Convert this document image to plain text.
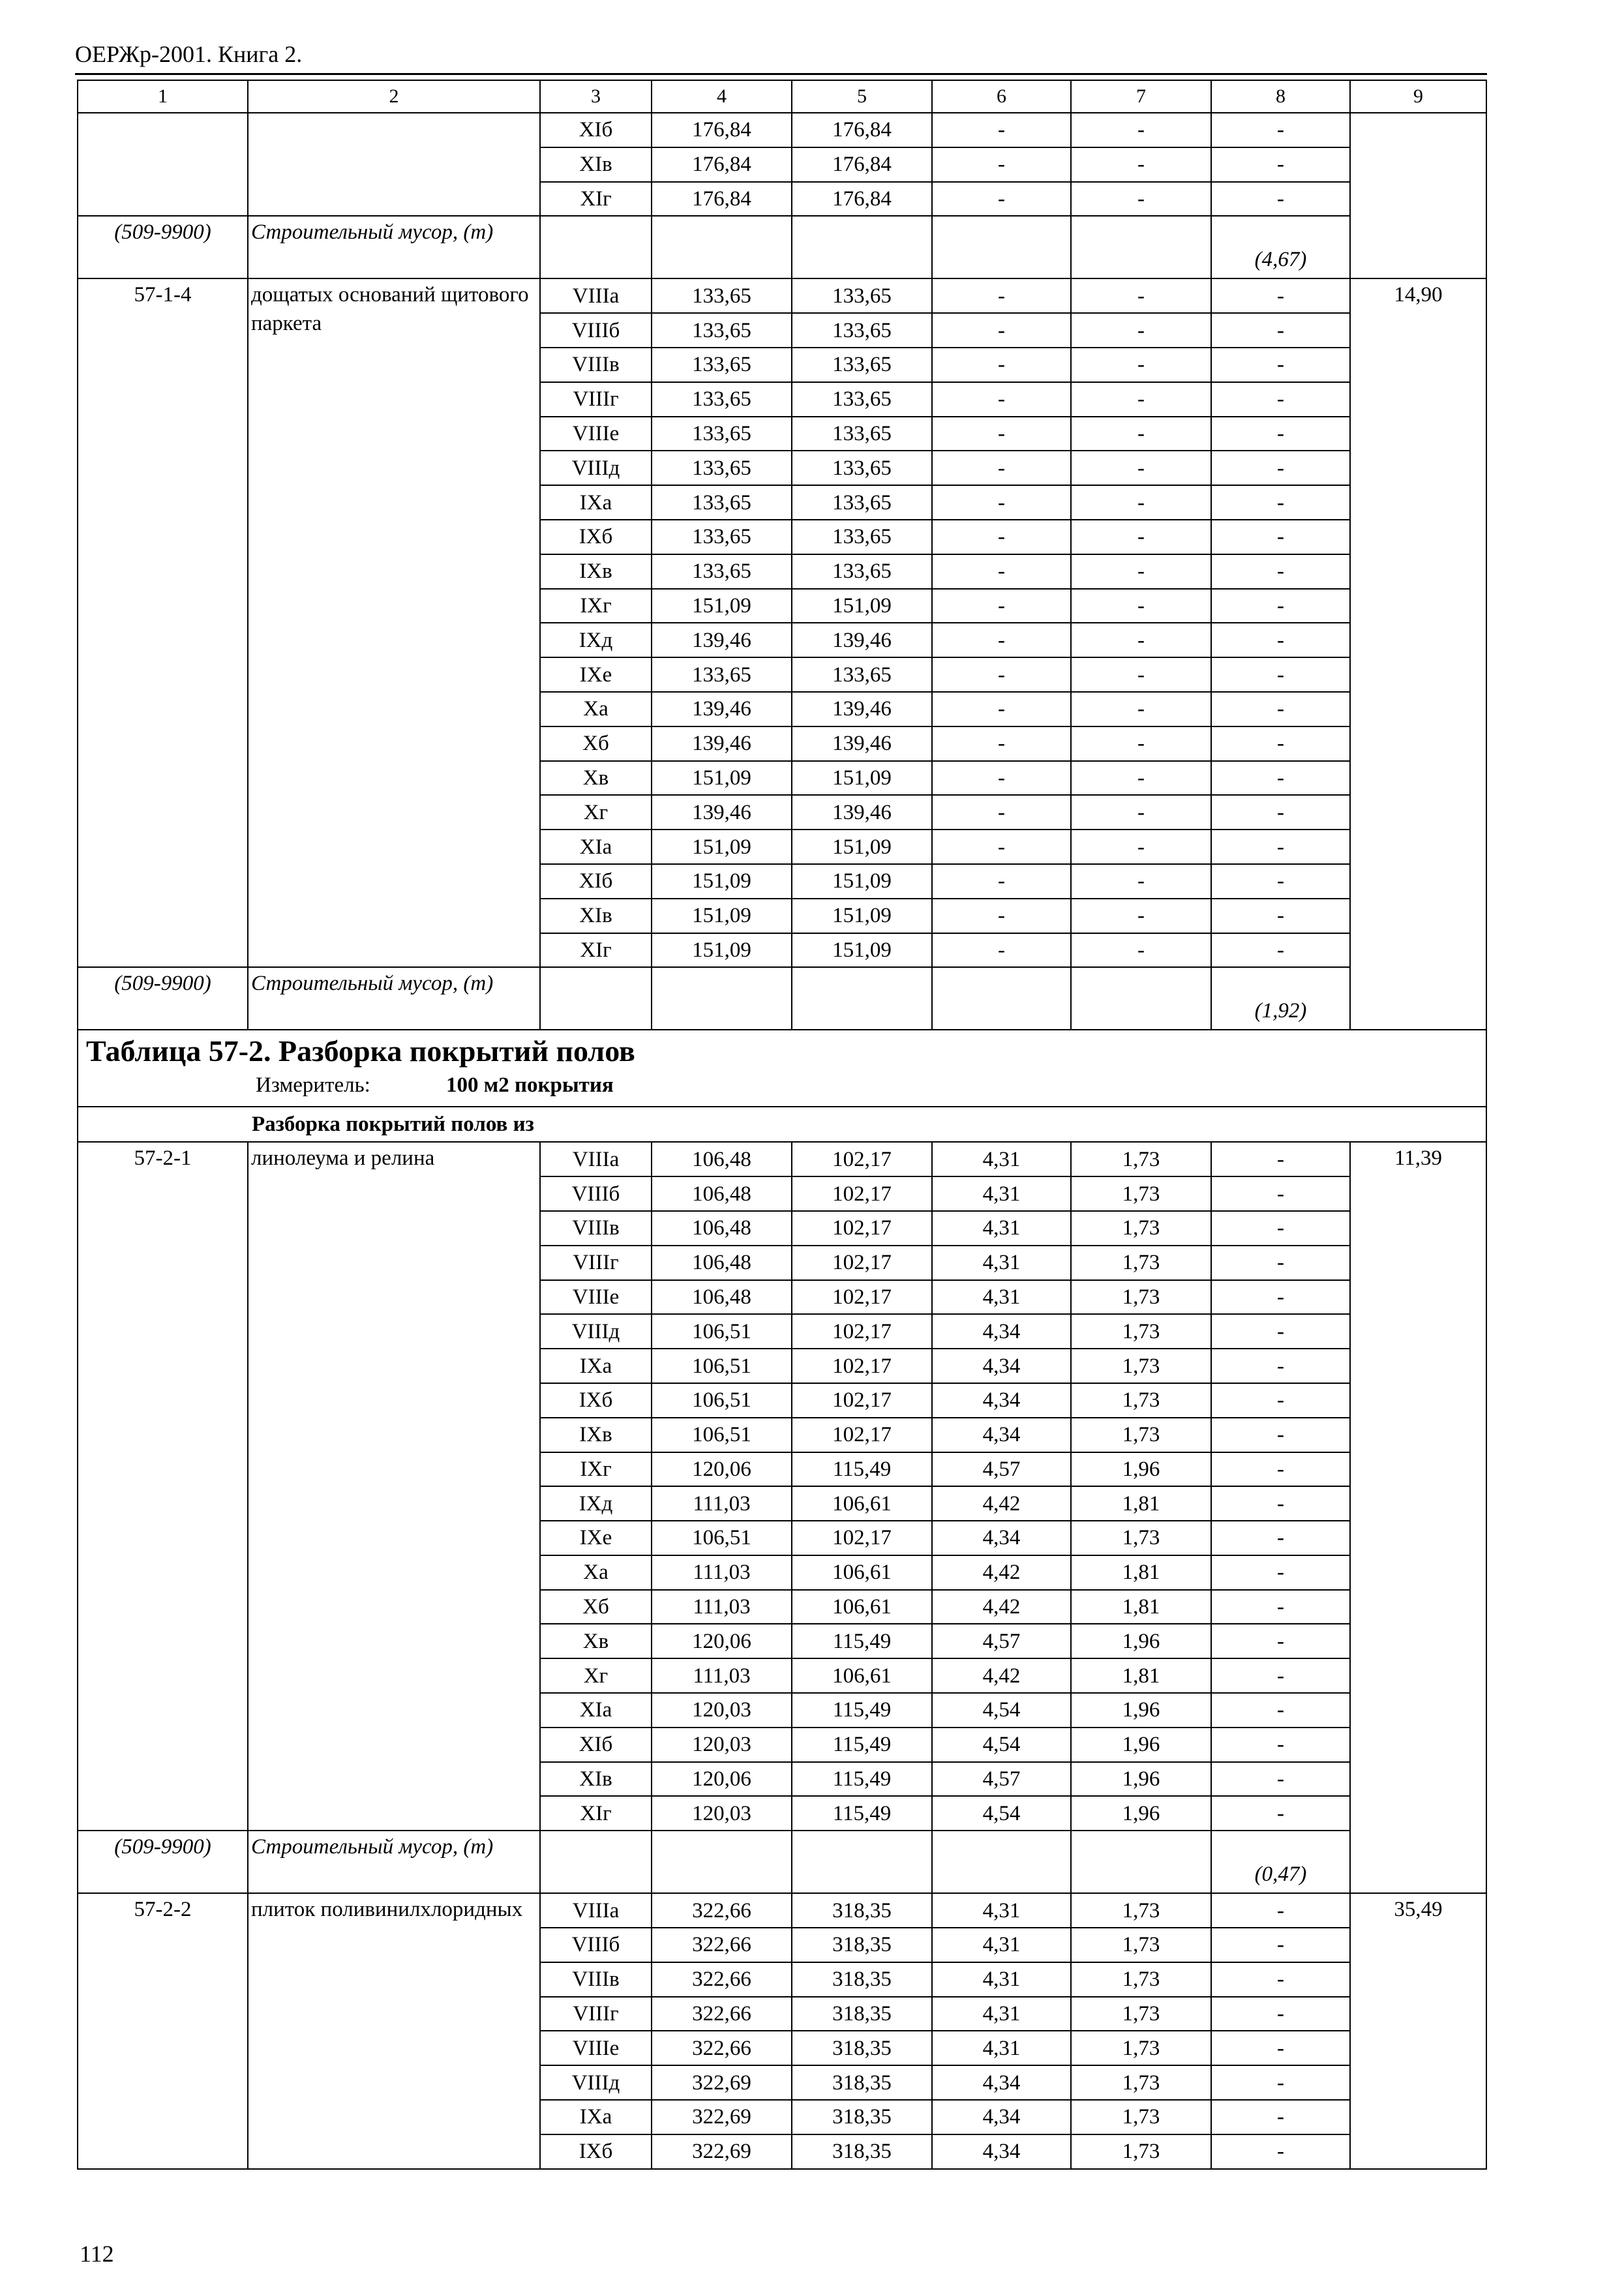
ОЕРЖр-2001. Книга 2.
1	2	3	4	5	6	7	8	9
		XIб	176,84	176,84	-	-	-	
		XIв	176,84	176,84	-	-	-	
		XIг	176,84	176,84	-	-	-	
(509-9900)	Строительный мусор, (т)						(4,67)	
57-1-4	дощатых оснований щитового паркета	VIIIа	133,65	133,65	-	-	-	14,90
		VIIIб	133,65	133,65	-	-	-	
		VIIIв	133,65	133,65	-	-	-	
		VIIIг	133,65	133,65	-	-	-	
		VIIIе	133,65	133,65	-	-	-	
		VIIIд	133,65	133,65	-	-	-	
		IXа	133,65	133,65	-	-	-	
		IXб	133,65	133,65	-	-	-	
		IXв	133,65	133,65	-	-	-	
		IXг	151,09	151,09	-	-	-	
		IXд	139,46	139,46	-	-	-	
		IXе	133,65	133,65	-	-	-	
		Xа	139,46	139,46	-	-	-	
		Xб	139,46	139,46	-	-	-	
		Xв	151,09	151,09	-	-	-	
		Xг	139,46	139,46	-	-	-	
		XIа	151,09	151,09	-	-	-	
		XIб	151,09	151,09	-	-	-	
		XIв	151,09	151,09	-	-	-	
		XIг	151,09	151,09	-	-	-	
(509-9900)	Строительный мусор, (т)						(1,92)	

Таблица 57-2. Разборка покрытий полов
Измеритель: 100 м2 покрытия								

Разборка покрытий полов из								
57-2-1	линолеума и релина	VIIIа	106,48	102,17	4,31	1,73	-	11,39
		VIIIб	106,48	102,17	4,31	1,73	-	
		VIIIв	106,48	102,17	4,31	1,73	-	
		VIIIг	106,48	102,17	4,31	1,73	-	
		VIIIе	106,48	102,17	4,31	1,73	-	
		VIIIд	106,51	102,17	4,34	1,73	-	
		IXа	106,51	102,17	4,34	1,73	-	
		IXб	106,51	102,17	4,34	1,73	-	
		IXв	106,51	102,17	4,34	1,73	-	
		IXг	120,06	115,49	4,57	1,96	-	
		IXд	111,03	106,61	4,42	1,81	-	
		IXе	106,51	102,17	4,34	1,73	-	
		Xа	111,03	106,61	4,42	1,81	-	
		Xб	111,03	106,61	4,42	1,81	-	
		Xв	120,06	115,49	4,57	1,96	-	
		Xг	111,03	106,61	4,42	1,81	-	
		XIа	120,03	115,49	4,54	1,96	-	
		XIб	120,03	115,49	4,54	1,96	-	
		XIв	120,06	115,49	4,57	1,96	-	
		XIг	120,03	115,49	4,54	1,96	-	
(509-9900)	Строительный мусор, (т)						(0,47)	
57-2-2	плиток поливинилхлоридных	VIIIа	322,66	318,35	4,31	1,73	-	35,49
		VIIIб	322,66	318,35	4,31	1,73	-	
		VIIIв	322,66	318,35	4,31	1,73	-	
		VIIIг	322,66	318,35	4,31	1,73	-	
		VIIIе	322,66	318,35	4,31	1,73	-	
		VIIIд	322,69	318,35	4,34	1,73	-	
		IXа	322,69	318,35	4,34	1,73	-	
		IXб	322,69	318,35	4,34	1,73	-	
112
